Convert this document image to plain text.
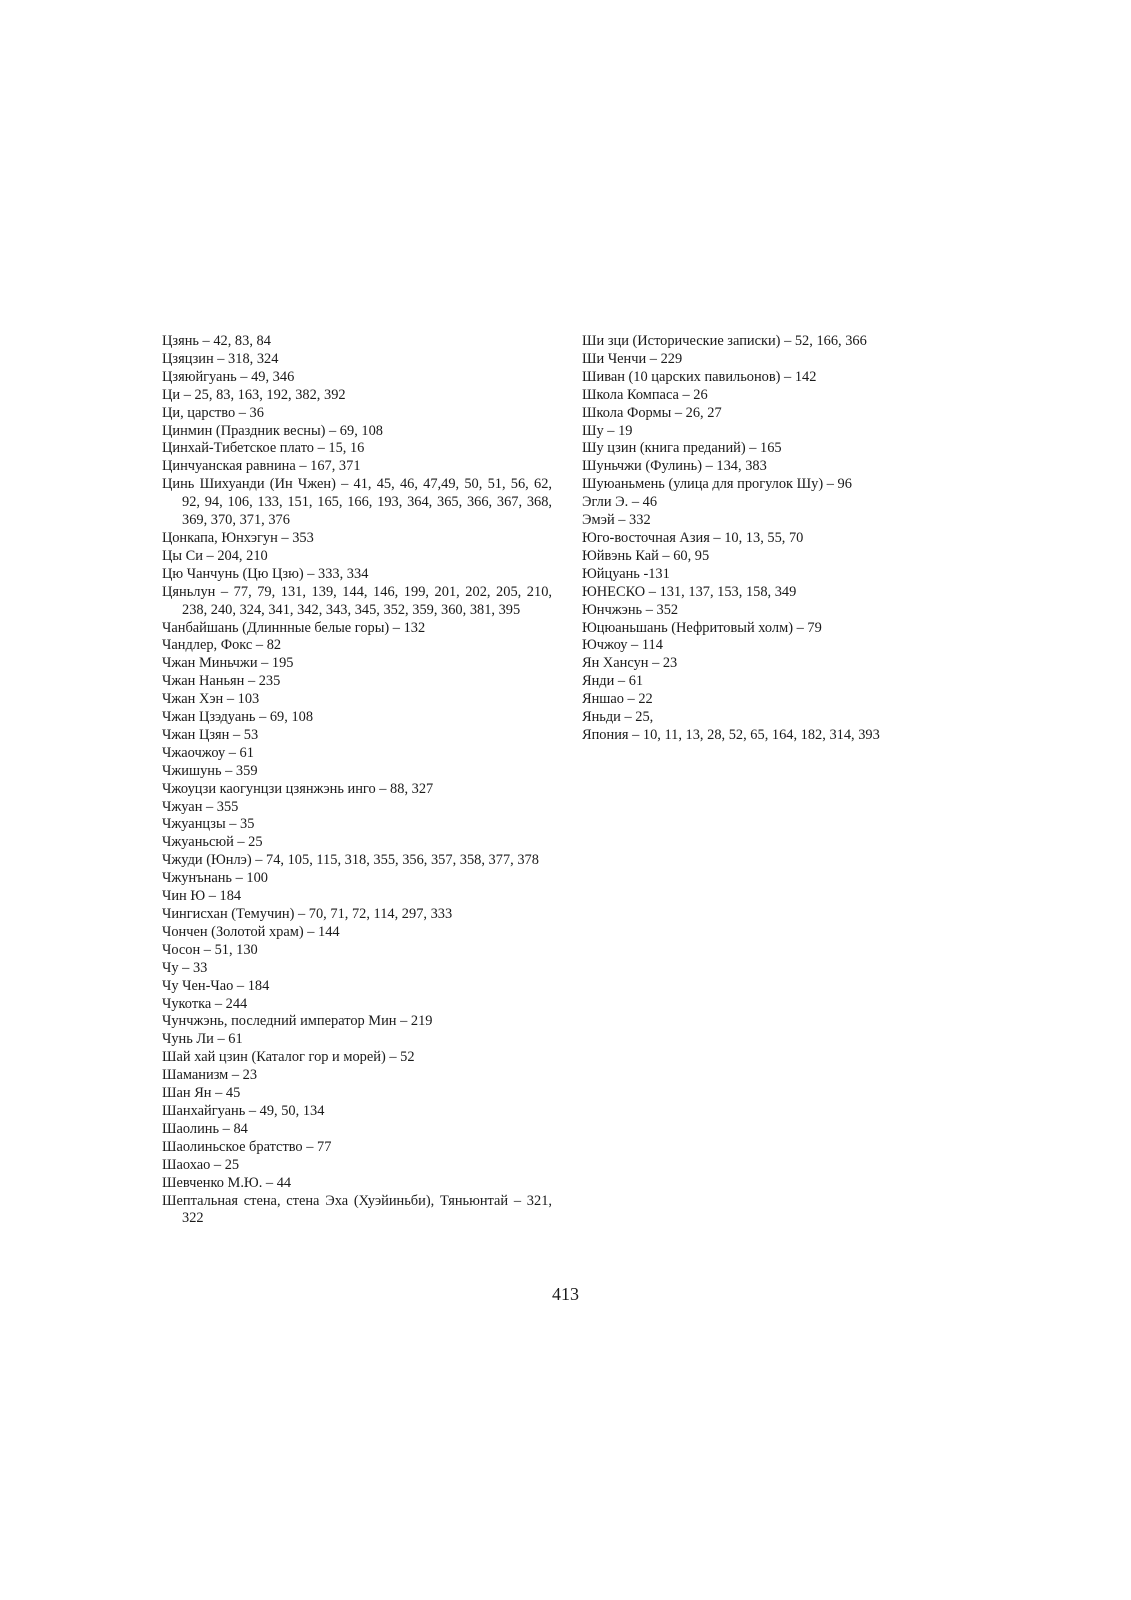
Цзянь – 42, 83, 84
Цзяцзин – 318, 324
Цзяюйгуань – 49, 346
Ци – 25, 83, 163, 192, 382, 392
Ци, царство – 36
Цинмин (Праздник весны) – 69, 108
Цинхай-Тибетское плато – 15, 16
Цинчуанская равнина – 167, 371
Цинь Шихуанди (Ин Чжен) – 41, 45, 46, 47,49, 50, 51, 56, 62, 92, 94, 106, 133, 151, 165, 166, 193, 364, 365, 366, 367, 368, 369, 370, 371, 376
Цонкапа, Юнхэгун – 353
Цы Си – 204, 210
Цю Чанчунь (Цю Цзю) – 333, 334
Цяньлун – 77, 79, 131, 139, 144, 146, 199, 201, 202, 205, 210, 238, 240, 324, 341, 342, 343, 345, 352, 359, 360, 381, 395
Чанбайшань (Длиннные белые горы) – 132
Чандлер, Фокс – 82
Чжан Миньчжи – 195
Чжан Наньян – 235
Чжан Хэн – 103
Чжан Цзэдуань – 69, 108
Чжан Цзян – 53
Чжаочжоу – 61
Чжишунь – 359
Чжоуцзи каогунцзи цзянжэнь инго – 88, 327
Чжуан – 355
Чжуанцзы – 35
Чжуаньсюй – 25
Чжуди (Юнлэ) – 74, 105, 115, 318, 355, 356, 357, 358, 377, 378
Чжунънань – 100
Чин Ю – 184
Чингисхан (Темучин) – 70, 71, 72, 114, 297, 333
Чончен (Золотой храм) – 144
Чосон – 51, 130
Чу – 33
Чу Чен-Чао – 184
Чукотка – 244
Чунчжэнь, последний император Мин – 219
Чунь Ли – 61
Шай хай цзин (Каталог гор и морей) – 52
Шаманизм – 23
Шан Ян – 45
Шанхайгуань – 49, 50, 134
Шаолинь – 84
Шаолиньское братство – 77
Шаохао – 25
Шевченко М.Ю. – 44
Шептальная стена, стена Эха (Хуэйиньби), Тяньюнтай – 321, 322
Ши зци (Исторические записки) – 52, 166, 366
Ши Ченчи – 229
Шиван (10 царских павильонов) – 142
Школа Компаса – 26
Школа Формы – 26, 27
Шу – 19
Шу цзин (книга преданий) – 165
Шуньчжи (Фулинь) – 134, 383
Шуюаньмень (улица для прогулок Шу) – 96
Эгли Э. – 46
Эмэй – 332
Юго-восточная Азия – 10, 13, 55, 70
Юйвэнь Кай – 60, 95
Юйцуань -131
ЮНЕСКО – 131, 137, 153, 158, 349
Юнчжэнь – 352
Юцюаньшань (Нефритовый холм) – 79
Ючжоу – 114
Ян Хансун – 23
Янди – 61
Яншао – 22
Яньди – 25,
Япония – 10, 11, 13, 28, 52, 65, 164, 182, 314, 393
413
